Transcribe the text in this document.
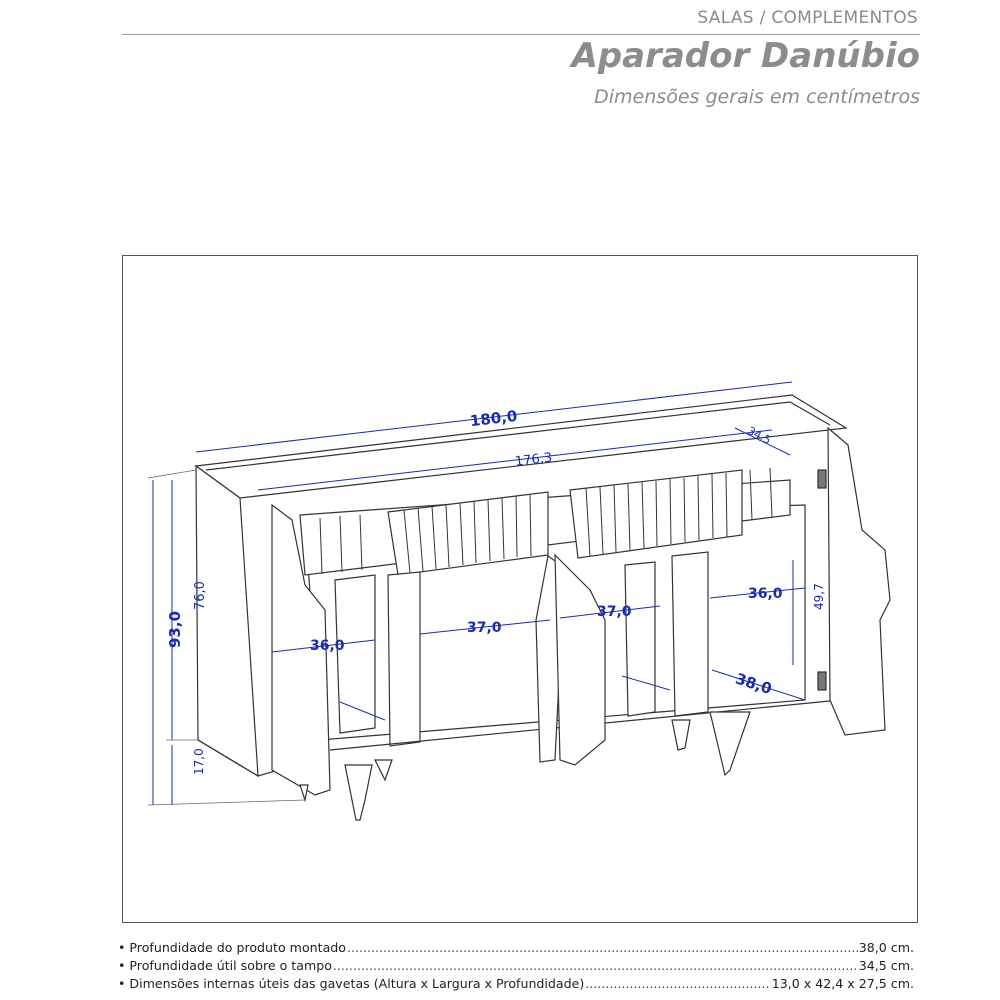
SALAS / COMPLEMENTOS
Aparador Danúbio
Dimensões gerais em centímetros
180,0
176,3
34,5
93,0
76,0
17,0
36,0
37,0
37,0
36,0 49,7
38,0
• Profundidade do produto montado .....	38,0 cm.
• Profundidade útil sobre o tampo .....	34,5 cm.
• Dimensões internas úteis das gavetas (Altura x Largura x Profundidade) .....	13,0 x 42,4 x 27,5 cm.
